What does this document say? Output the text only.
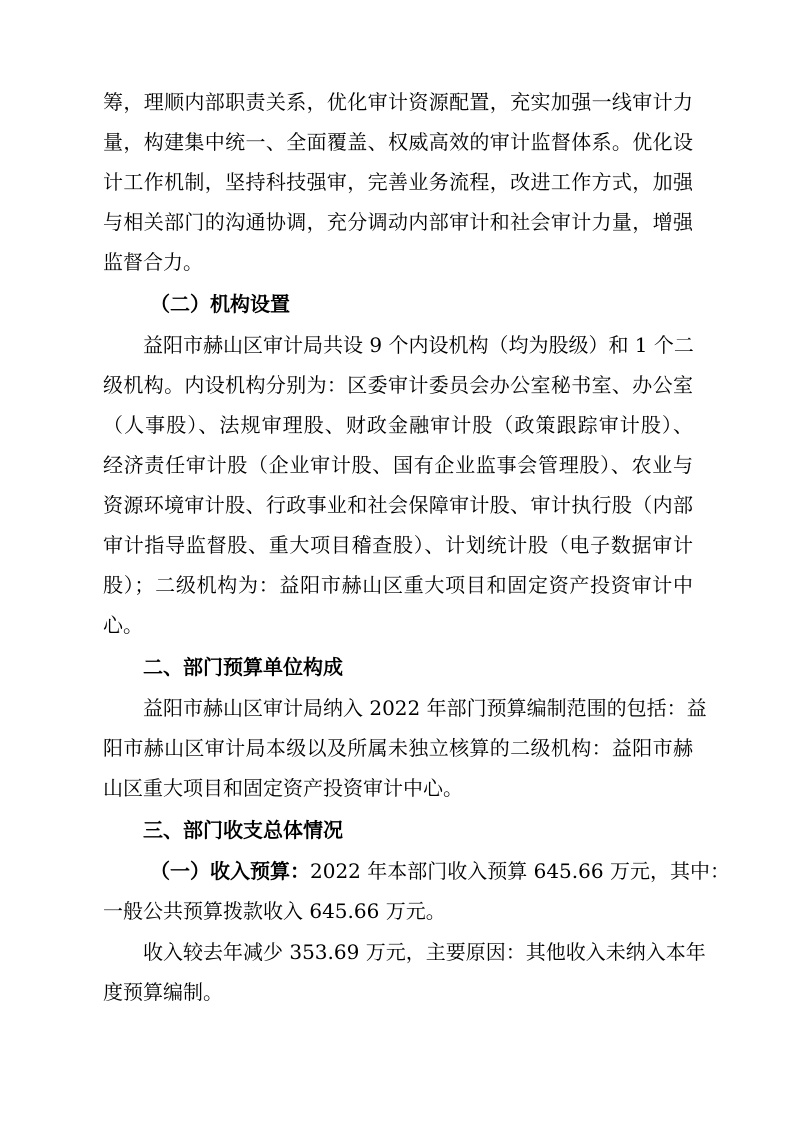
筹，理顺内部职责关系，优化审计资源配置，充实加强一线审计力
量，构建集中统一、全面覆盖、权威高效的审计监督体系。优化设
计工作机制，坚持科技强审，完善业务流程，改进工作方式，加强
与相关部门的沟通协调，充分调动内部审计和社会审计力量，增强
监督合力。
（二）机构设置
益阳市赫山区审计局共设 9 个内设机构（均为股级）和 1 个二
级机构。内设机构分别为：区委审计委员会办公室秘书室、办公室
（人事股）、法规审理股、财政金融审计股（政策跟踪审计股）、
经济责任审计股（企业审计股、国有企业监事会管理股）、农业与
资源环境审计股、行政事业和社会保障审计股、审计执行股（内部
审计指导监督股、重大项目稽查股）、计划统计股（电子数据审计
股）；二级机构为：益阳市赫山区重大项目和固定资产投资审计中
心。
二、部门预算单位构成
益阳市赫山区审计局纳入 2022 年部门预算编制范围的包括：益
阳市赫山区审计局本级以及所属未独立核算的二级机构：益阳市赫
山区重大项目和固定资产投资审计中心。
三、部门收支总体情况
（一）收入预算：2022 年本部门收入预算 645.66 万元，其中：
一般公共预算拨款收入 645.66 万元。
收入较去年减少 353.69 万元，主要原因：其他收入未纳入本年
度预算编制。
